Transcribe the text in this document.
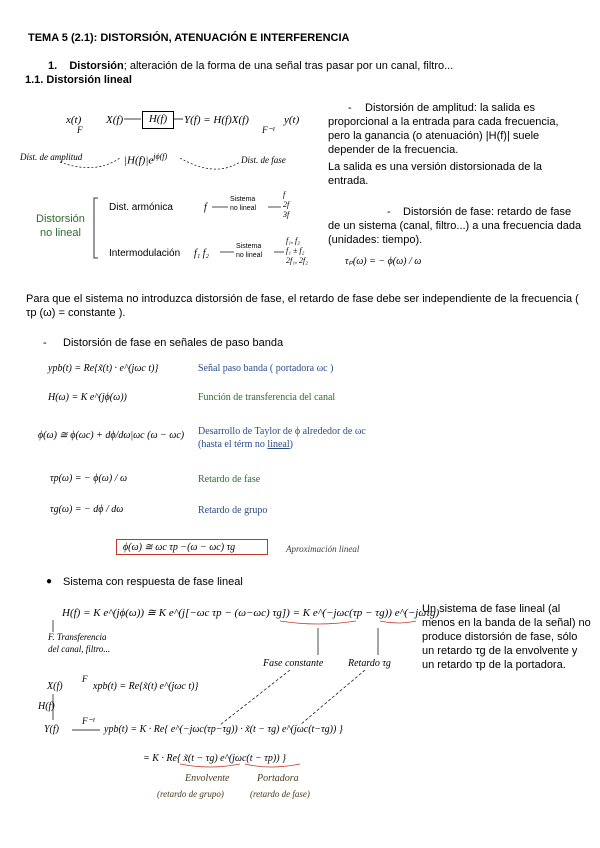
TEMA 5 (2.1): DISTORSIÓN, ATENUACIÓN E INTERFERENCIA
1. Distorsión; alteración de la forma de una señal tras pasar por un canal, filtro...
1.1. Distorsión lineal
x(t)
F
X(f)	H(f)	Y(f) = H(f)X(f)
F⁻¹
y(t)
$|H(f)|e^{j\phi(f)}$
Dist. de amplitud	Dist. de fase
Distorsión
no lineal
Dist. armónica
Intermodulación
f
f₁ f₂
Sistema
no lineal
Sistema
no lineal
f
2f
3f
f₁, f₂
f₁ ± f₂
2f₁, 2f₂
-	Distorsión de amplitud: la salida es proporcional a la entrada para cada frecuencia, pero la ganancia (o atenuación) |H(f)| suele depender de la frecuencia.
La salida es una versión distorsionada de la entrada.
-	Distorsión de fase: retardo de fase de un sistema (canal, filtro...) a una frecuencia dada (unidades: tiempo).
τₚ(ω) = − ϕ(ω) / ω
Para que el sistema no introduzca distorsión de fase, el retardo de fase debe ser independiente de la frecuencia ( τp (ω) = constante ).
- Distorsión de fase en señales de paso banda
ypb(t) = Re{x̃(t) · e^(jωc t)}	Señal paso banda ( portadora ωc )
H(ω) = K e^(jϕ(ω))	Función de transferencia del canal
ϕ(ω) ≅ ϕ(ωc) + dϕ/dω|ωc (ω − ωc) Desarrollo de Taylor de ϕ alrededor de ωc
(hasta el térm no lineal)
τp(ω) = − ϕ(ω) / ω	Retardo de fase
τg(ω) = − dϕ / dω	Retardo de grupo
ϕ(ω) ≅ ωc τp −(ω − ωc) τg	Aproximación lineal
● Sistema con respuesta de fase lineal
H(f) = K e^(jϕ(ω)) ≅ K e^(j[−ωc τp − (ω−ωc) τg]) = K e^(−jωc(τp − τg)) e^(−jωτg)
F. Transferencia
del canal, filtro...
Fase constante Retardo τg
Un sistema de fase lineal (al menos en la banda de la señal) no produce distorsión de fase, sólo un retardo τg de la envolvente y un retardo τp de la portadora.
X(f)
F
xpb(t) = Re{x̃(t) e^(jωc t)}
H(f)
Y(f)
F⁻¹
ypb(t) = K · Re{ e^(−jωc(τp−τg)) · x̃(t − τg) e^(jωc(t−τg)) }
= K · Re{ x̃(t − τg) e^(jωc(t − τp)) }
Envolvente
(retardo de grupo)
Portadora
(retardo de fase)
